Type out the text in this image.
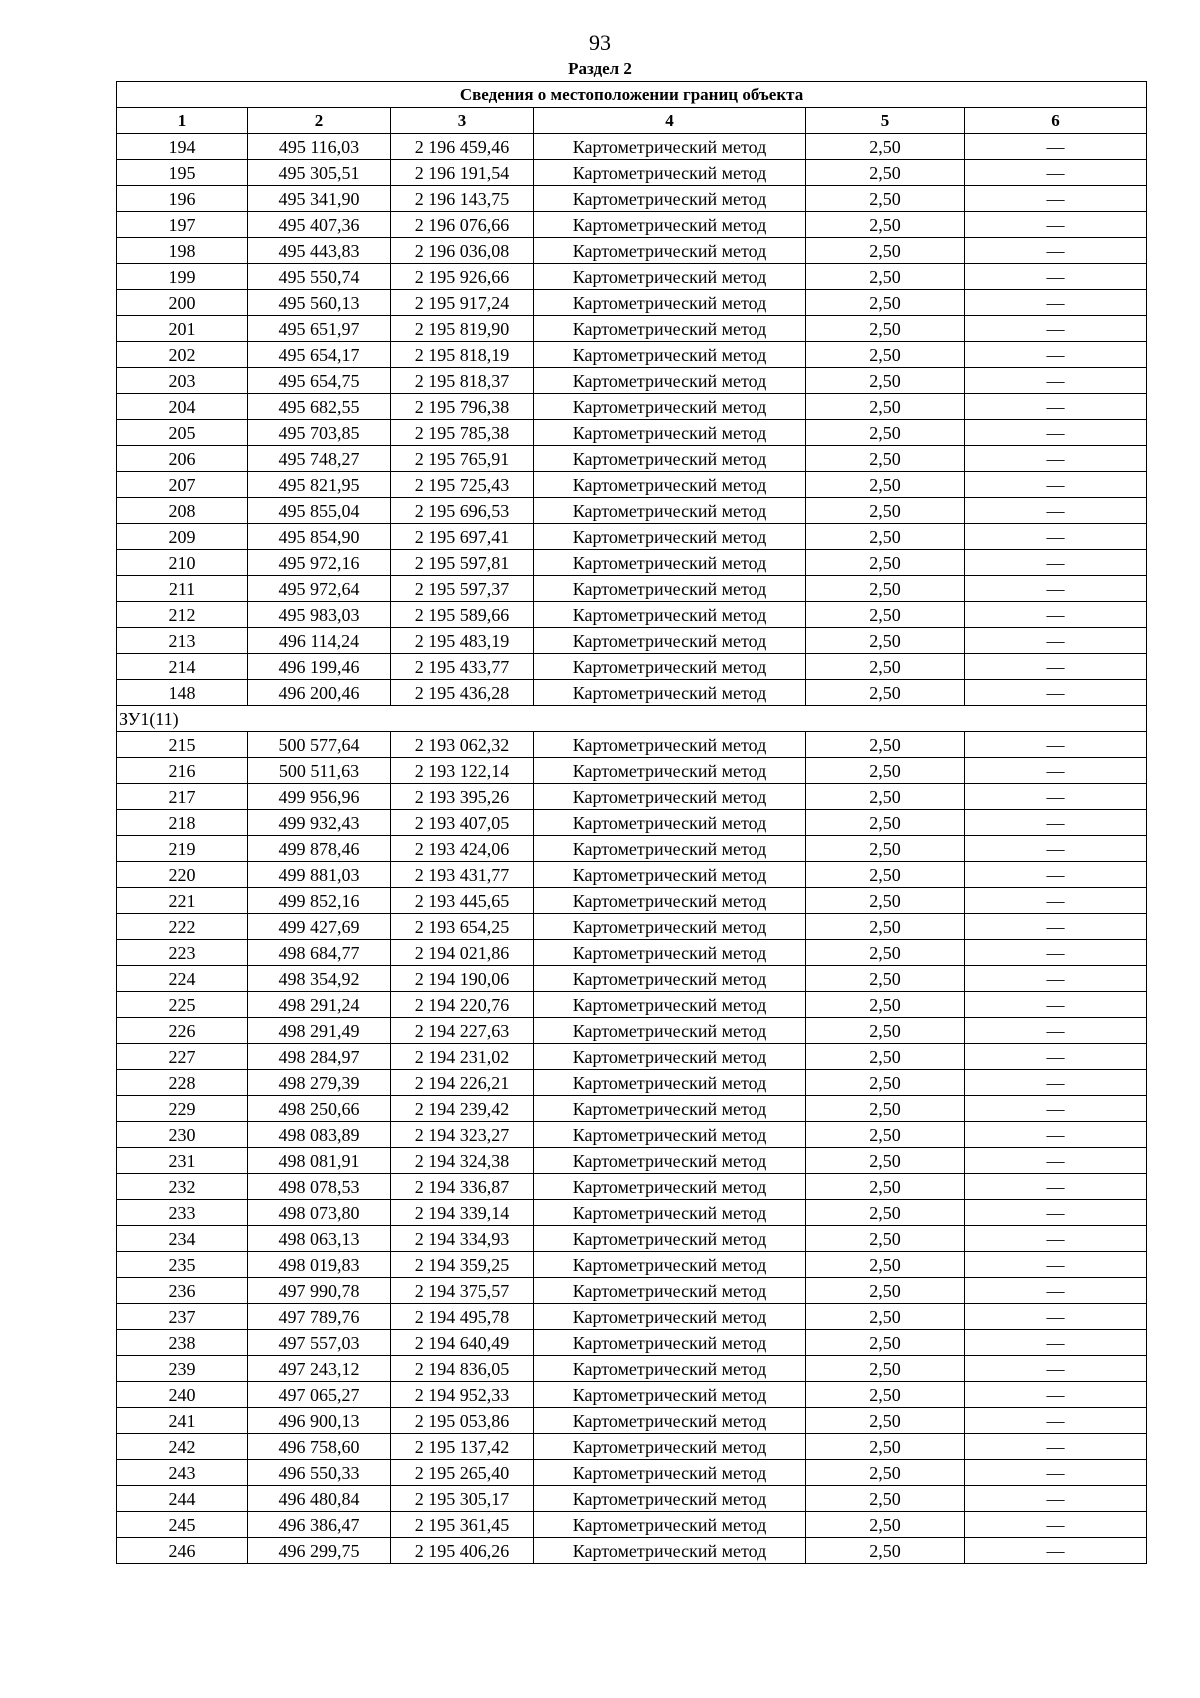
93
Раздел 2
Сведения о местоположении границ объекта					
1	2	3	4	5	6
194	495 116,03	2 196 459,46	Картометрический метод	2,50	—
195	495 305,51	2 196 191,54	Картометрический метод	2,50	—
196	495 341,90	2 196 143,75	Картометрический метод	2,50	—
197	495 407,36	2 196 076,66	Картометрический метод	2,50	—
198	495 443,83	2 196 036,08	Картометрический метод	2,50	—
199	495 550,74	2 195 926,66	Картометрический метод	2,50	—
200	495 560,13	2 195 917,24	Картометрический метод	2,50	—
201	495 651,97	2 195 819,90	Картометрический метод	2,50	—
202	495 654,17	2 195 818,19	Картометрический метод	2,50	—
203	495 654,75	2 195 818,37	Картометрический метод	2,50	—
204	495 682,55	2 195 796,38	Картометрический метод	2,50	—
205	495 703,85	2 195 785,38	Картометрический метод	2,50	—
206	495 748,27	2 195 765,91	Картометрический метод	2,50	—
207	495 821,95	2 195 725,43	Картометрический метод	2,50	—
208	495 855,04	2 195 696,53	Картометрический метод	2,50	—
209	495 854,90	2 195 697,41	Картометрический метод	2,50	—
210	495 972,16	2 195 597,81	Картометрический метод	2,50	—
211	495 972,64	2 195 597,37	Картометрический метод	2,50	—
212	495 983,03	2 195 589,66	Картометрический метод	2,50	—
213	496 114,24	2 195 483,19	Картометрический метод	2,50	—
214	496 199,46	2 195 433,77	Картометрический метод	2,50	—
148	496 200,46	2 195 436,28	Картометрический метод	2,50	—
ЗУ1(11)					
215	500 577,64	2 193 062,32	Картометрический метод	2,50	—
216	500 511,63	2 193 122,14	Картометрический метод	2,50	—
217	499 956,96	2 193 395,26	Картометрический метод	2,50	—
218	499 932,43	2 193 407,05	Картометрический метод	2,50	—
219	499 878,46	2 193 424,06	Картометрический метод	2,50	—
220	499 881,03	2 193 431,77	Картометрический метод	2,50	—
221	499 852,16	2 193 445,65	Картометрический метод	2,50	—
222	499 427,69	2 193 654,25	Картометрический метод	2,50	—
223	498 684,77	2 194 021,86	Картометрический метод	2,50	—
224	498 354,92	2 194 190,06	Картометрический метод	2,50	—
225	498 291,24	2 194 220,76	Картометрический метод	2,50	—
226	498 291,49	2 194 227,63	Картометрический метод	2,50	—
227	498 284,97	2 194 231,02	Картометрический метод	2,50	—
228	498 279,39	2 194 226,21	Картометрический метод	2,50	—
229	498 250,66	2 194 239,42	Картометрический метод	2,50	—
230	498 083,89	2 194 323,27	Картометрический метод	2,50	—
231	498 081,91	2 194 324,38	Картометрический метод	2,50	—
232	498 078,53	2 194 336,87	Картометрический метод	2,50	—
233	498 073,80	2 194 339,14	Картометрический метод	2,50	—
234	498 063,13	2 194 334,93	Картометрический метод	2,50	—
235	498 019,83	2 194 359,25	Картометрический метод	2,50	—
236	497 990,78	2 194 375,57	Картометрический метод	2,50	—
237	497 789,76	2 194 495,78	Картометрический метод	2,50	—
238	497 557,03	2 194 640,49	Картометрический метод	2,50	—
239	497 243,12	2 194 836,05	Картометрический метод	2,50	—
240	497 065,27	2 194 952,33	Картометрический метод	2,50	—
241	496 900,13	2 195 053,86	Картометрический метод	2,50	—
242	496 758,60	2 195 137,42	Картометрический метод	2,50	—
243	496 550,33	2 195 265,40	Картометрический метод	2,50	—
244	496 480,84	2 195 305,17	Картометрический метод	2,50	—
245	496 386,47	2 195 361,45	Картометрический метод	2,50	—
246	496 299,75	2 195 406,26	Картометрический метод	2,50	—
